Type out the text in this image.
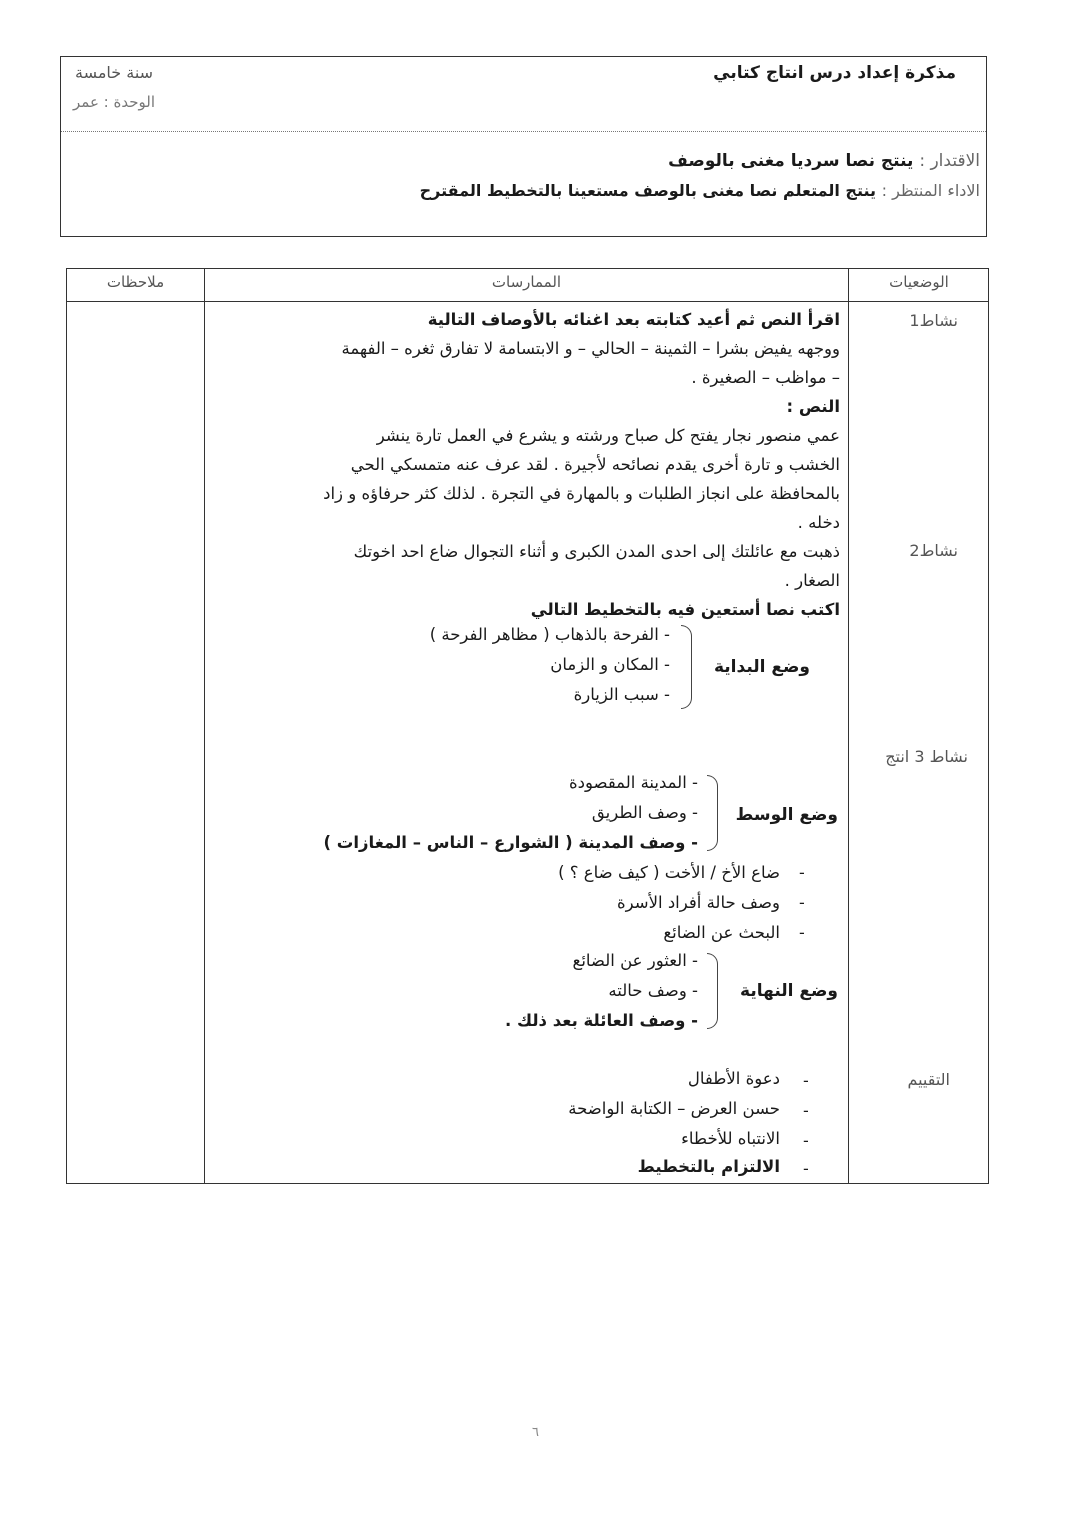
مذكرة إعداد درس انتاج كتابي
سنة خامسة
الوحدة : عمر
الاقتدار : ينتج نصا سرديا مغنى بالوصف
الاداء المنتظر : ينتج المتعلم نصا مغنى بالوصف مستعينا بالتخطيط المقترح
الوضعيات
الممارسات
ملاحظات
نشاط1
نشاط2
نشاط 3 انتج
التقييم
اقرأ النص ثم أعيد كتابته بعد اغنائه بالأوصاف التالية
ووجهه يفيض بشرا – الثمينة – الحالي – و الابتسامة لا تفارق ثغره – الفهمة
– مواظب – الصغيرة .
النص :
عمي منصور نجار يفتح كل صباح ورشته و يشرع في العمل تارة ينشر
الخشب و تارة أخرى يقدم نصائحه لأجيرة . لقد عرف عنه متمسكي الحي
بالمحافظة على انجاز الطلبات و بالمهارة في التجرة . لذلك كثر حرفاؤه و زاد
دخله .
ذهبت مع عائلتك إلى احدى المدن الكبرى و أثناء التجوال ضاع احد اخوتك
الصغار .
اكتب نصا أستعين فيه بالتخطيط التالي
وضع البداية
- الفرحة بالذهاب ( مظاهر الفرحة )
- المكان و الزمان
- سبب الزيارة
وضع الوسط
- المدينة المقصودة
- وصف الطريق
- وصف المدينة ( الشوارع – الناس – المغازات )
-
ضاع الأخ / الأخت ( كيف ضاع ؟ )
-
وصف حالة أفراد الأسرة
-
البحث عن الضائع
وضع النهاية
- العثور عن الضائع
- وصف حالته
- وصف العائلة بعد ذلك .
-
دعوة الأطفال
-
حسن العرض – الكتابة الواضحة
-
الانتباه للأخطاء
-
الالتزام بالتخطيط
٦
